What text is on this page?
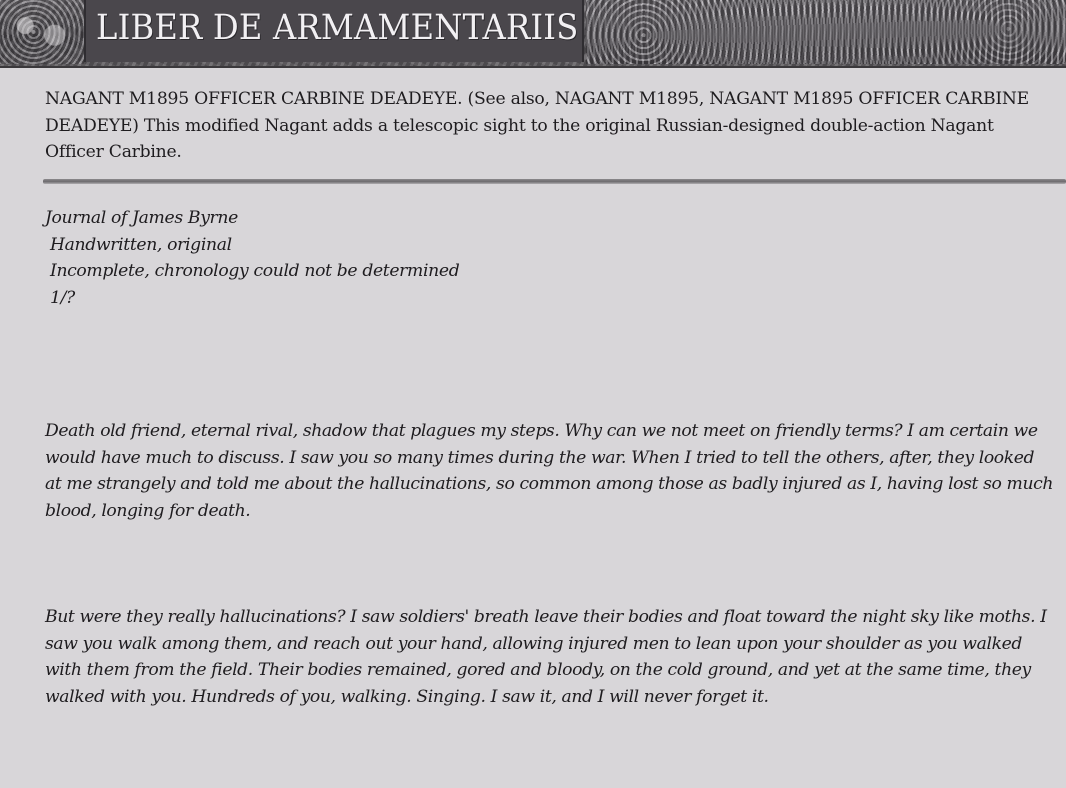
LIBER DE ARMAMENTARIIS

NAGANT M1895 OFFICER CARBINE DEADEYE. (See also, NAGANT M1895, NAGANT M1895 OFFICER CARBINE DEADEYE) This modified Nagant adds a telescopic sight to the original Russian-designed double-action Nagant Officer Carbine.

Journal of James Byrne
Handwritten, original
Incomplete, chronology could not be determined
1/?

Death old friend, eternal rival, shadow that plagues my steps. Why can we not meet on friendly terms? I am certain we would have much to discuss. I saw you so many times during the war. When I tried to tell the others, after, they looked at me strangely and told me about the hallucinations, so common among those as badly injured as I, having lost so much blood, longing for death.

But were they really hallucinations? I saw soldiers' breath leave their bodies and float toward the night sky like moths. I saw you walk among them, and reach out your hand, allowing injured men to lean upon your shoulder as you walked with them from the field. Their bodies remained, gored and bloody, on the cold ground, and yet at the same time, they walked with you. Hundreds of you, walking. Singing. I saw it, and I will never forget it.
